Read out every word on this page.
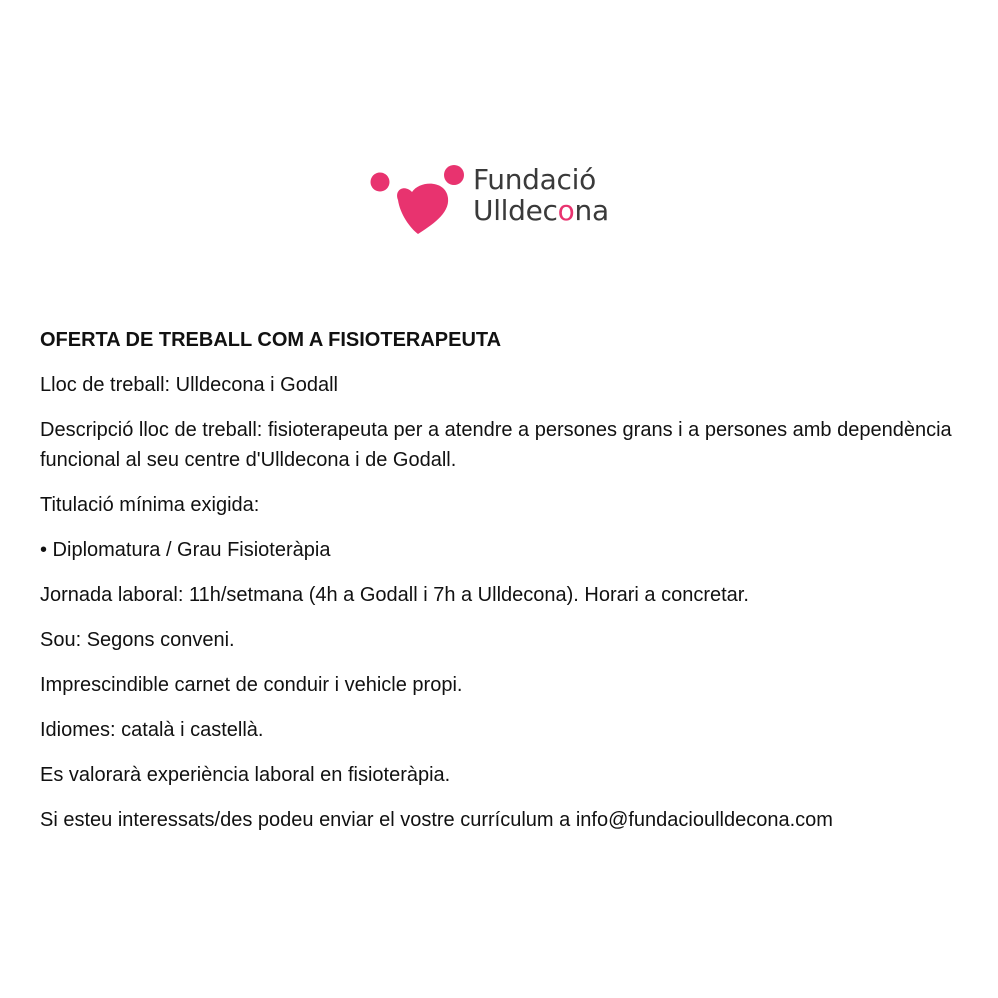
Fundació
Ulldecona

OFERTA DE TREBALL COM A FISIOTERAPEUTA

Lloc de treball: Ulldecona i Godall

Descripció lloc de treball: fisioterapeuta per a atendre a persones grans i a persones amb dependència funcional al seu centre d'Ulldecona i de Godall.

Titulació mínima exigida:

• Diplomatura / Grau Fisioteràpia

Jornada laboral: 11h/setmana (4h a Godall i 7h a Ulldecona). Horari a concretar.

Sou: Segons conveni.

Imprescindible carnet de conduir i vehicle propi.

Idiomes: català i castellà.

Es valorarà experiència laboral en fisioteràpia.

Si esteu interessats/des podeu enviar el vostre currículum a info@fundacioulldecona.com
